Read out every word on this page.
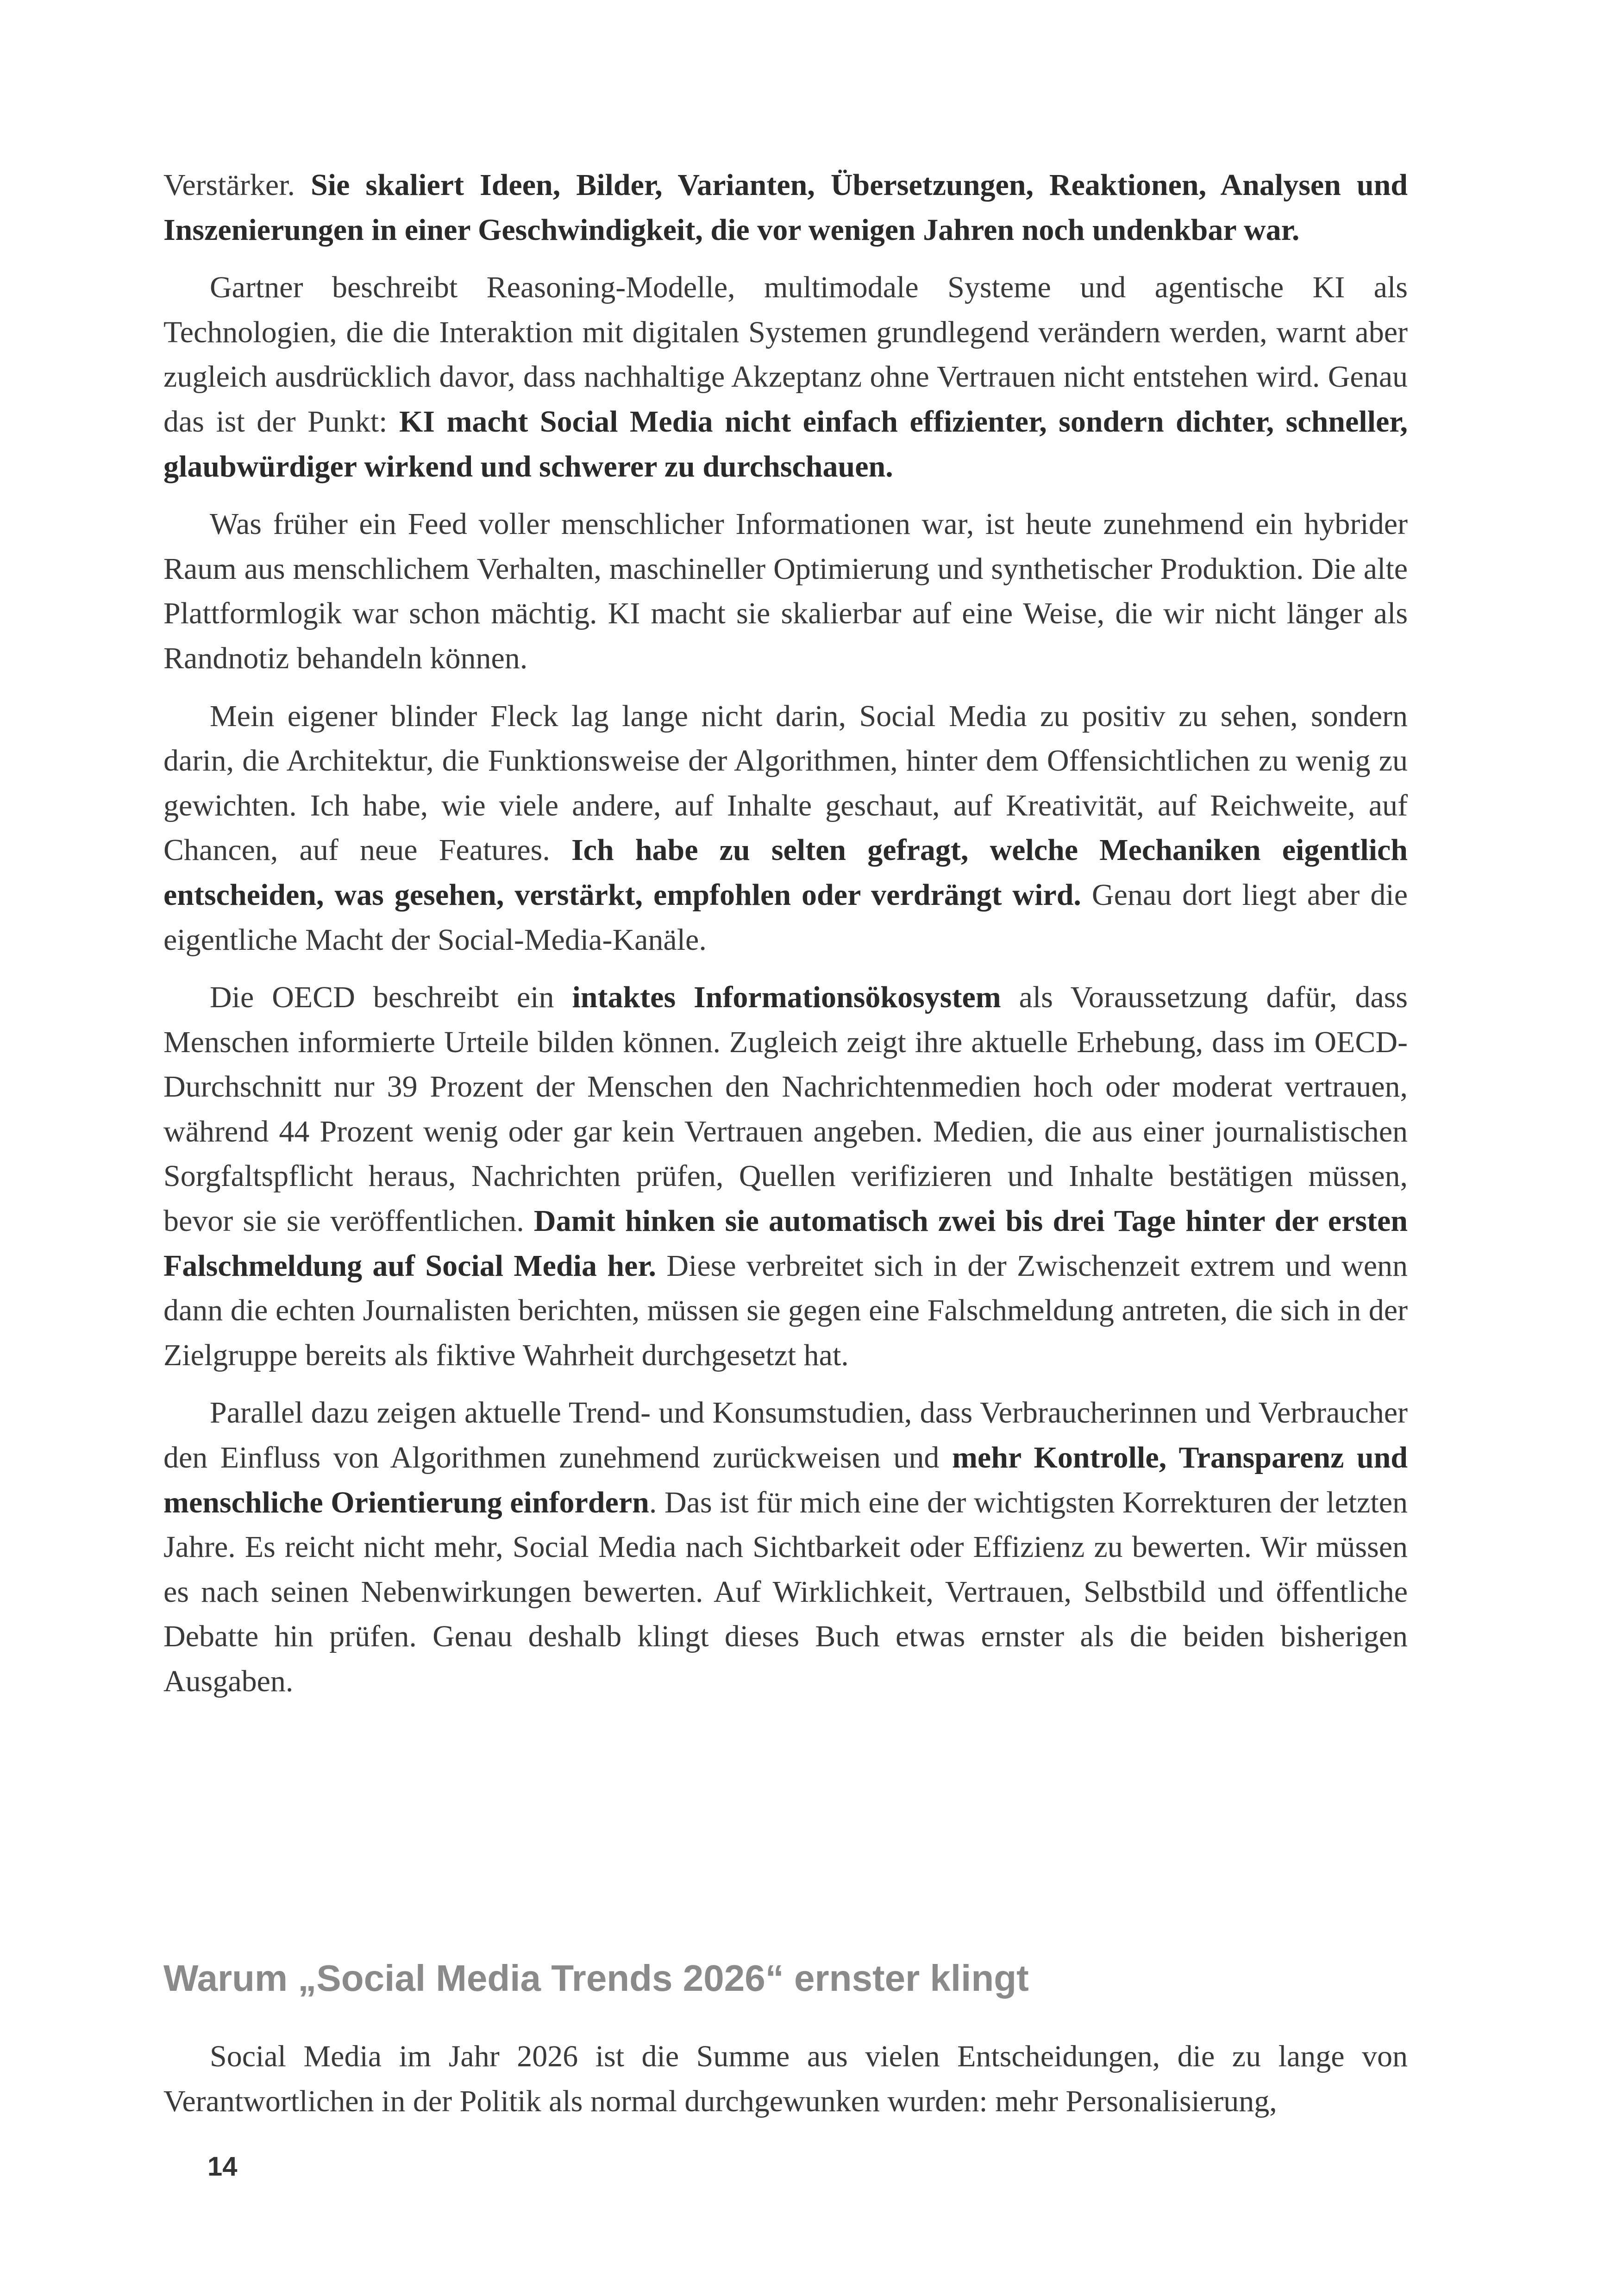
Verstärker. Sie skaliert Ideen, Bilder, Varianten, Übersetzungen, Reaktionen, Analysen und Inszenierungen in einer Geschwindigkeit, die vor wenigen Jahren noch undenkbar war.

Gartner beschreibt Reasoning-Modelle, multimodale Systeme und agentische KI als Technologien, die die Interaktion mit digitalen Systemen grundlegend verändern werden, warnt aber zugleich ausdrücklich davor, dass nachhaltige Akzeptanz ohne Vertrauen nicht entstehen wird. Genau das ist der Punkt: KI macht Social Media nicht einfach effizienter, sondern dichter, schneller, glaubwürdiger wirkend und schwerer zu durchschauen.

Was früher ein Feed voller menschlicher Informationen war, ist heute zunehmend ein hybrider Raum aus menschlichem Verhalten, maschineller Optimierung und synthetischer Produktion. Die alte Plattformlogik war schon mächtig. KI macht sie skalierbar auf eine Weise, die wir nicht länger als Randnotiz behandeln können.

Mein eigener blinder Fleck lag lange nicht darin, Social Media zu positiv zu sehen, sondern darin, die Architektur, die Funktionsweise der Algorithmen, hinter dem Offensichtlichen zu wenig zu gewichten. Ich habe, wie viele andere, auf Inhalte geschaut, auf Kreativität, auf Reichweite, auf Chancen, auf neue Features. Ich habe zu selten gefragt, welche Mechaniken eigentlich entscheiden, was gesehen, verstärkt, empfohlen oder verdrängt wird. Genau dort liegt aber die eigentliche Macht der Social-Media-Kanäle.

Die OECD beschreibt ein intaktes Informationsökosystem als Voraussetzung dafür, dass Menschen informierte Urteile bilden können. Zugleich zeigt ihre aktuelle Erhebung, dass im OECD-Durchschnitt nur 39 Prozent der Menschen den Nachrichtenmedien hoch oder moderat vertrauen, während 44 Prozent wenig oder gar kein Vertrauen angeben. Medien, die aus einer journalistischen Sorgfaltspflicht heraus, Nachrichten prüfen, Quellen verifizieren und Inhalte bestätigen müssen, bevor sie sie veröffentlichen. Damit hinken sie automatisch zwei bis drei Tage hinter der ersten Falschmeldung auf Social Media her. Diese verbreitet sich in der Zwischenzeit extrem und wenn dann die echten Journalisten berichten, müssen sie gegen eine Falschmeldung antreten, die sich in der Zielgruppe bereits als fiktive Wahrheit durchgesetzt hat.

Parallel dazu zeigen aktuelle Trend- und Konsumstudien, dass Verbraucherinnen und Verbraucher den Einfluss von Algorithmen zunehmend zurückweisen und mehr Kontrolle, Transparenz und menschliche Orientierung einfordern. Das ist für mich eine der wichtigsten Korrekturen der letzten Jahre. Es reicht nicht mehr, Social Media nach Sichtbarkeit oder Effizienz zu bewerten. Wir müssen es nach seinen Nebenwirkungen bewerten. Auf Wirklichkeit, Vertrauen, Selbstbild und öffentliche Debatte hin prüfen. Genau deshalb klingt dieses Buch etwas ernster als die beiden bisherigen Ausgaben.

Warum „Social Media Trends 2026“ ernster klingt

Social Media im Jahr 2026 ist die Summe aus vielen Entscheidungen, die zu lange von Verantwortlichen in der Politik als normal durchgewunken wurden: mehr Personalisierung,

14
